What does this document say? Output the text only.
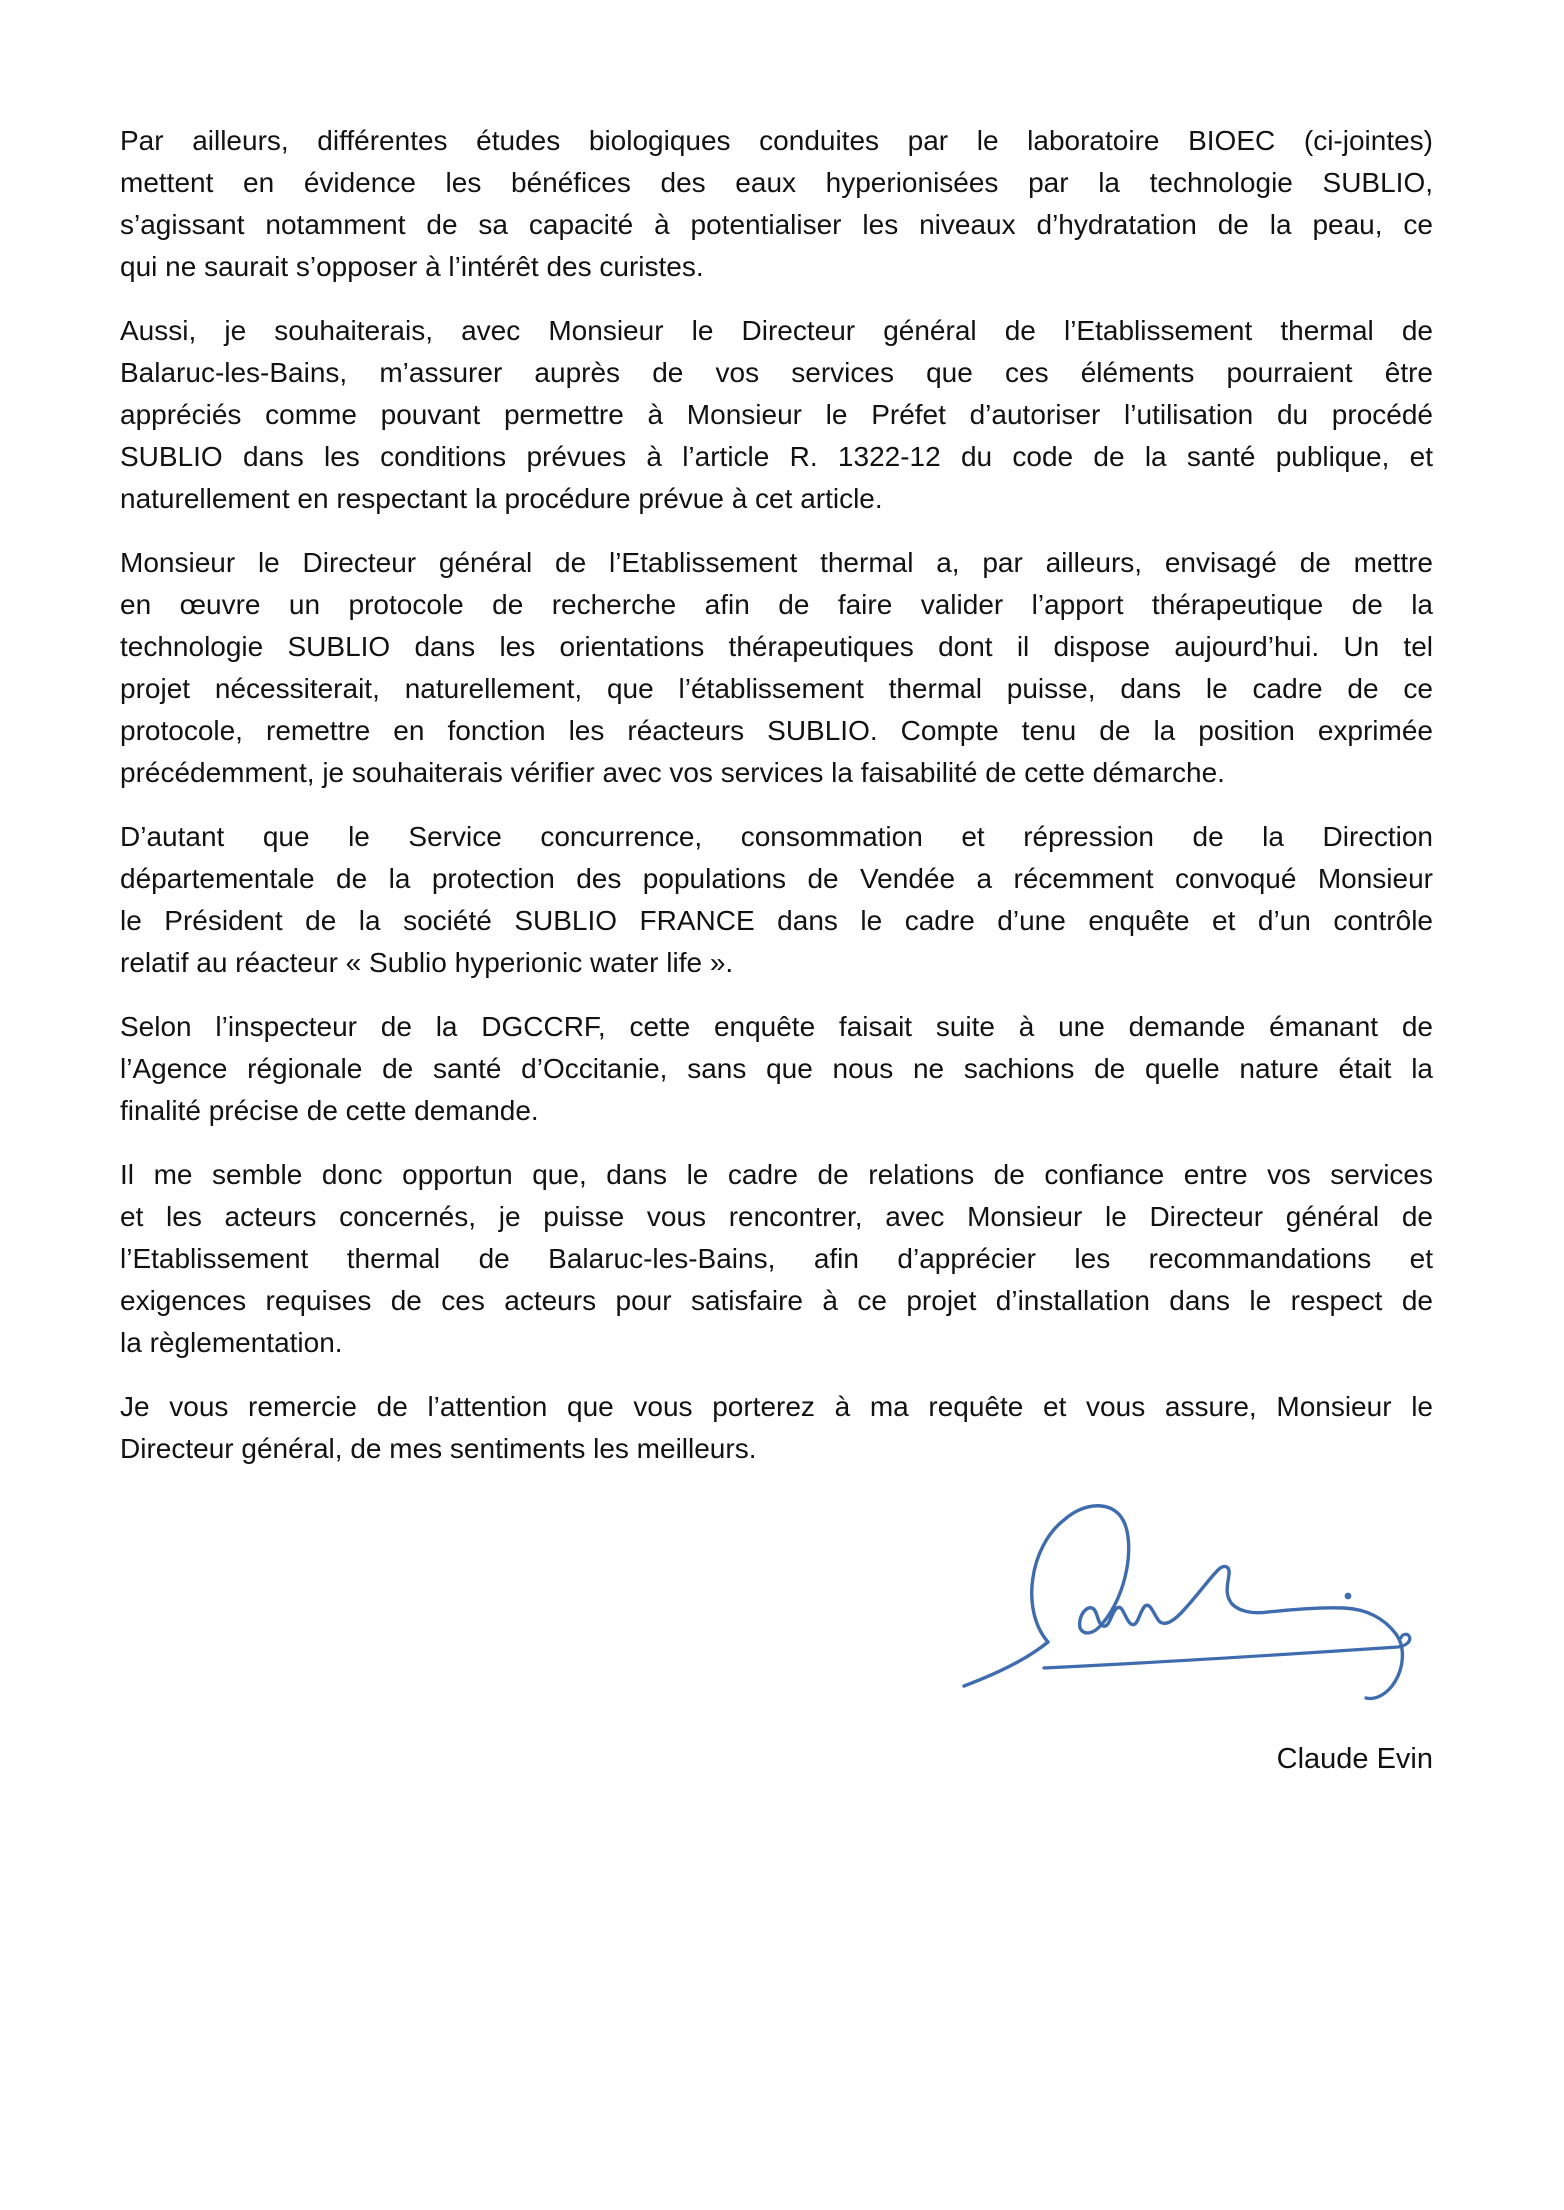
Par ailleurs, différentes études biologiques conduites par le laboratoire BIOEC (ci-jointes)
mettent en évidence les bénéfices des eaux hyperionisées par la technologie SUBLIO,
s’agissant notamment de sa capacité à potentialiser les niveaux d’hydratation de la peau, ce
qui ne saurait s’opposer à l’intérêt des curistes.
Aussi, je souhaiterais, avec Monsieur le Directeur général de l’Etablissement thermal de
Balaruc-les-Bains, m’assurer auprès de vos services que ces éléments pourraient être
appréciés comme pouvant permettre à Monsieur le Préfet d’autoriser l’utilisation du procédé
SUBLIO dans les conditions prévues à l’article R. 1322-12 du code de la santé publique, et
naturellement en respectant la procédure prévue à cet article.
Monsieur le Directeur général de l’Etablissement thermal a, par ailleurs, envisagé de mettre
en œuvre un protocole de recherche afin de faire valider l’apport thérapeutique de la
technologie SUBLIO dans les orientations thérapeutiques dont il dispose aujourd’hui. Un tel
projet nécessiterait, naturellement, que l’établissement thermal puisse, dans le cadre de ce
protocole, remettre en fonction les réacteurs SUBLIO. Compte tenu de la position exprimée
précédemment, je souhaiterais vérifier avec vos services la faisabilité de cette démarche.
D’autant que le Service concurrence, consommation et répression de la Direction
départementale de la protection des populations de Vendée a récemment convoqué Monsieur
le Président de la société SUBLIO FRANCE dans le cadre d’une enquête et d’un contrôle
relatif au réacteur « Sublio hyperionic water life ».
Selon l’inspecteur de la DGCCRF, cette enquête faisait suite à une demande émanant de
l’Agence régionale de santé d’Occitanie, sans que nous ne sachions de quelle nature était la
finalité précise de cette demande.
Il me semble donc opportun que, dans le cadre de relations de confiance entre vos services
et les acteurs concernés, je puisse vous rencontrer, avec Monsieur le Directeur général de
l’Etablissement thermal de Balaruc-les-Bains, afin d’apprécier les recommandations et
exigences requises de ces acteurs pour satisfaire à ce projet d’installation dans le respect de
la règlementation.
Je vous remercie de l’attention que vous porterez à ma requête et vous assure, Monsieur le
Directeur général, de mes sentiments les meilleurs.
Claude Evin
